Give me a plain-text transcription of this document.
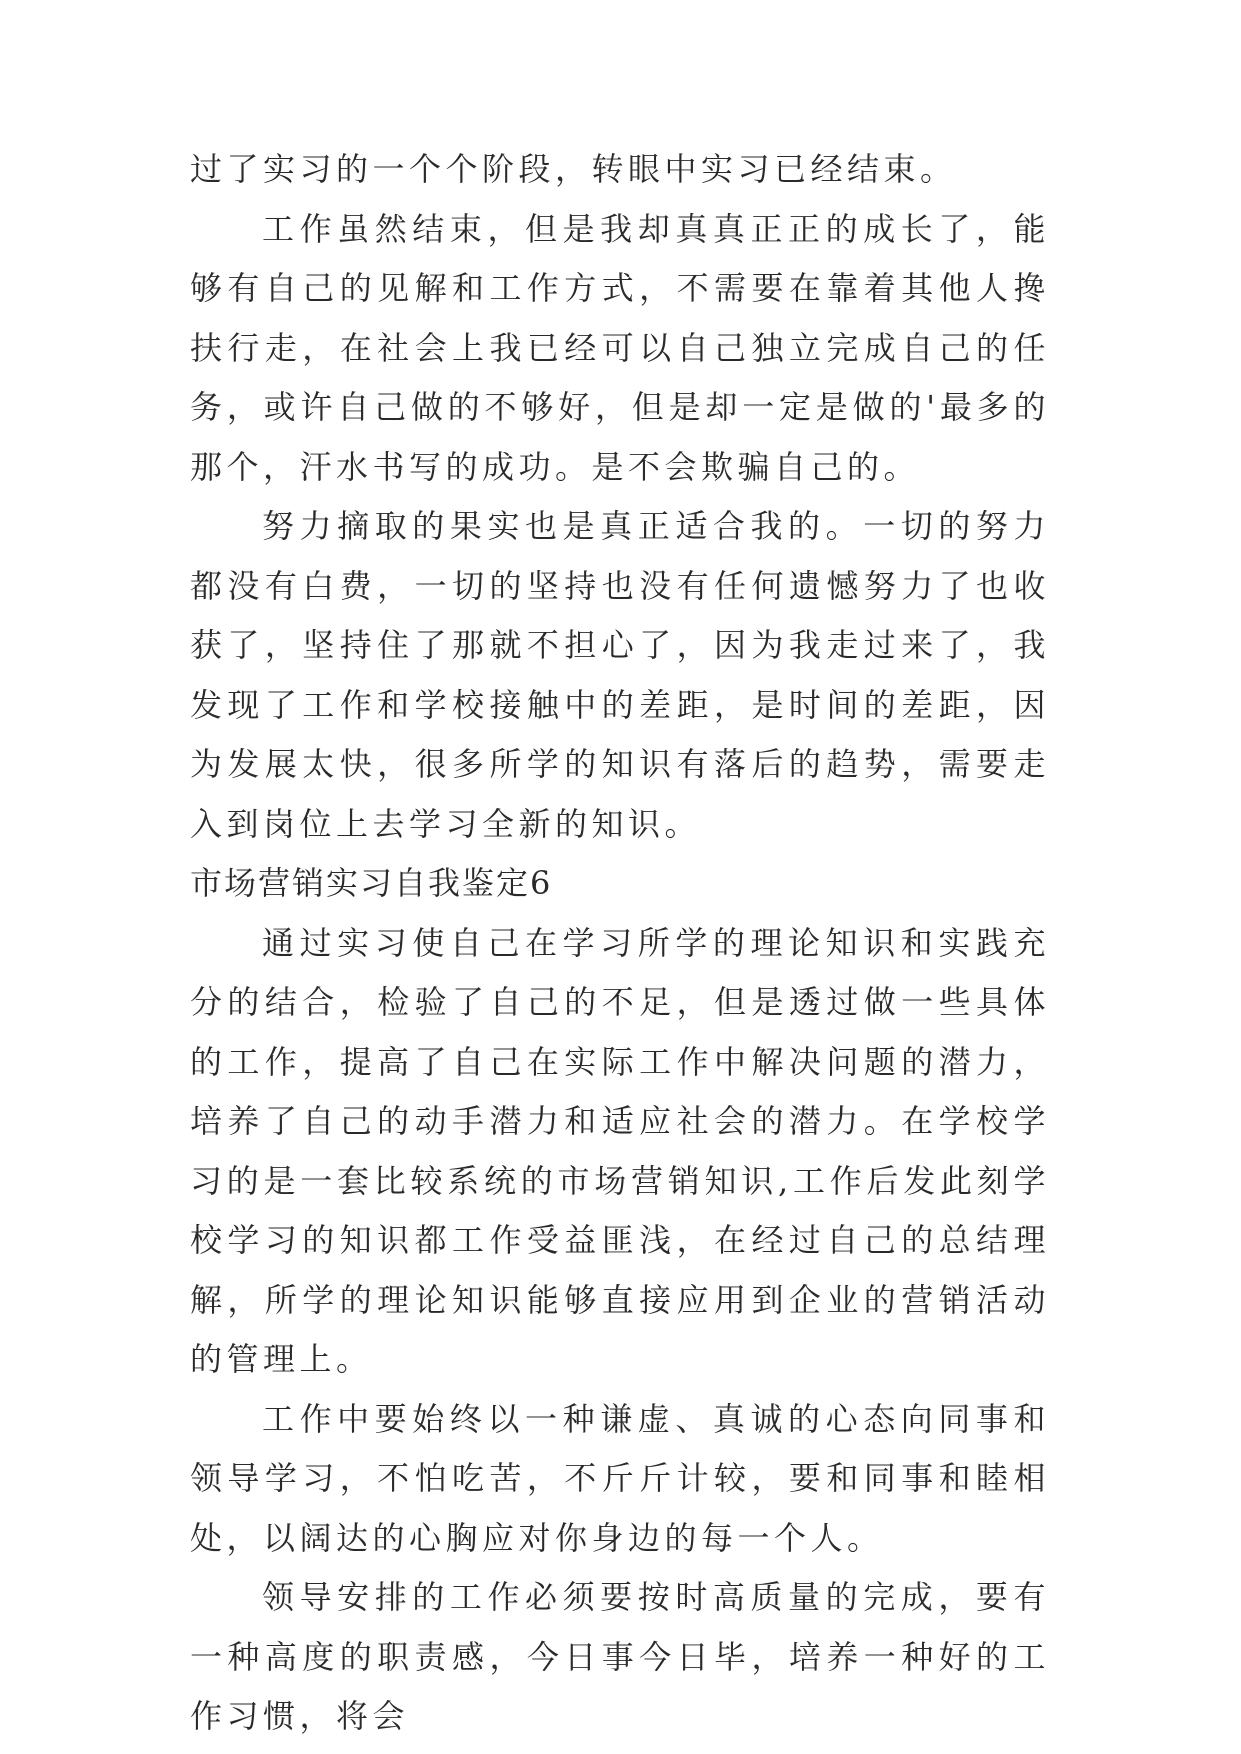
过了实习的一个个阶段，转眼中实习已经结束。

工作虽然结束，但是我却真真正正的成长了，能够有自己的见解和工作方式，不需要在靠着其他人搀扶行走，在社会上我已经可以自己独立完成自己的任务，或许自己做的不够好，但是却一定是做的'最多的那个，汗水书写的成功。是不会欺骗自己的。

努力摘取的果实也是真正适合我的。一切的努力都没有白费，一切的坚持也没有任何遗憾努力了也收获了，坚持住了那就不担心了，因为我走过来了，我发现了工作和学校接触中的差距，是时间的差距，因为发展太快，很多所学的知识有落后的趋势，需要走入到岗位上去学习全新的知识。

市场营销实习自我鉴定6

通过实习使自己在学习所学的理论知识和实践充分的结合，检验了自己的不足，但是透过做一些具体的工作，提高了自己在实际工作中解决问题的潜力，培养了自己的动手潜力和适应社会的潜力。在学校学习的是一套比较系统的市场营销知识,工作后发此刻学校学习的知识都工作受益匪浅，在经过自己的总结理解，所学的理论知识能够直接应用到企业的营销活动的管理上。

工作中要始终以一种谦虚、真诚的心态向同事和领导学习，不怕吃苦，不斤斤计较，要和同事和睦相处，以阔达的心胸应对你身边的每一个人。

领导安排的工作必须要按时高质量的完成，要有一种高度的职责感，今日事今日毕，培养一种好的工作习惯，将会
